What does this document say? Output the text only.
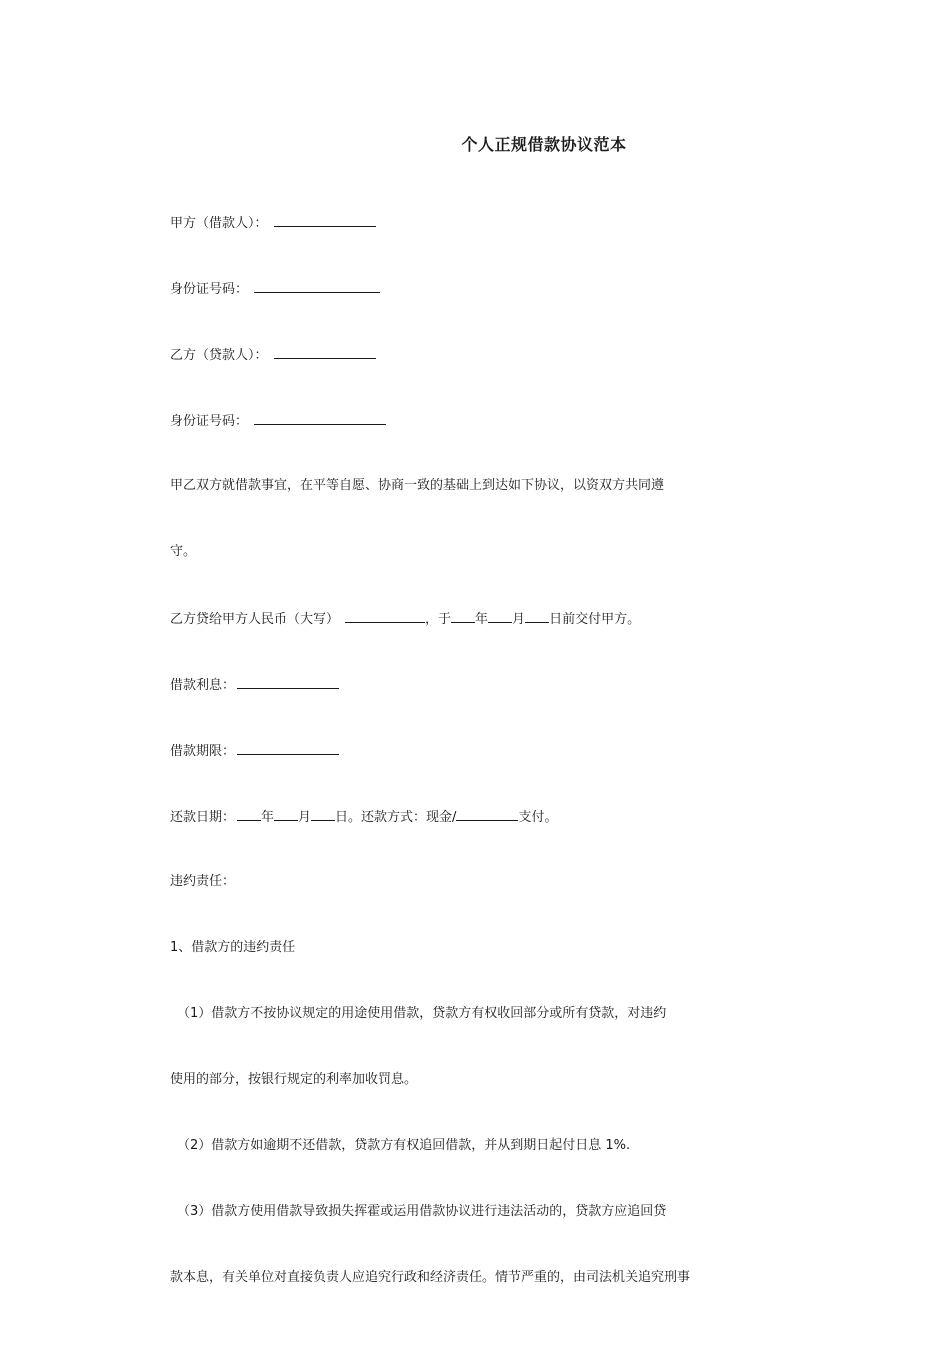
个人正规借款协议范本

甲方（借款人）：

身份证号码：

乙方（贷款人）：

身份证号码：

甲乙双方就借款事宜，在平等自愿、协商一致的基础上到达如下协议，以资双方共同遵

守。

乙方贷给甲方人民币（大写）	，于 年 月 日前交付甲方。

借款利息：

借款期限：

还款日期： 年 月 日。还款方式：现金/	支付。

违约责任：

1、借款方的违约责任

（1）借款方不按协议规定的用途使用借款，贷款方有权收回部分或所有贷款，对违约

使用的部分，按银行规定的利率加收罚息。

（2）借款方如逾期不还借款，贷款方有权追回借款，并从到期日起付日息 1%.

（3）借款方使用借款导致损失挥霍或运用借款协议进行违法活动的，贷款方应追回贷

款本息，有关单位对直接负责人应追究行政和经济责任。情节严重的，由司法机关追究刑事
